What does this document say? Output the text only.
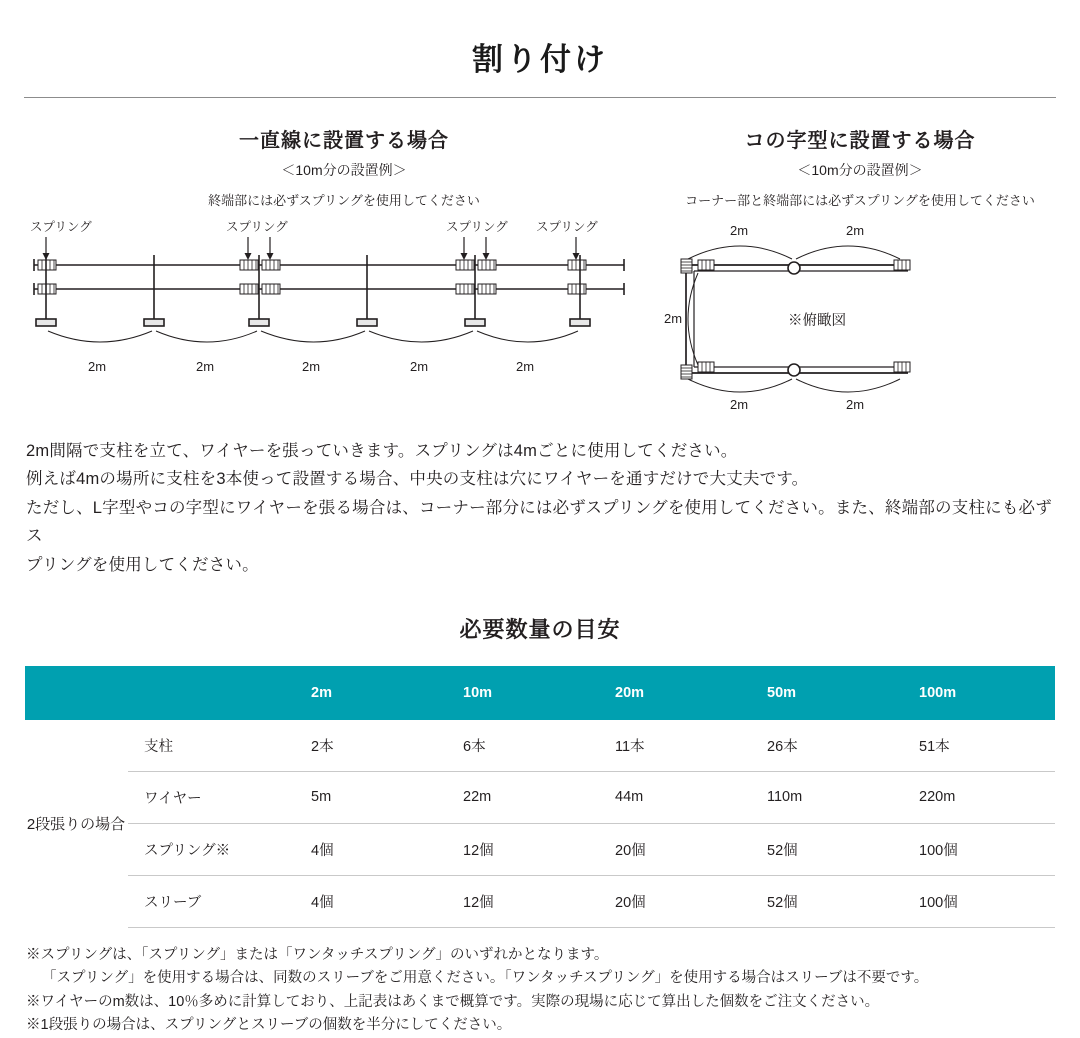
割り付け
一直線に設置する場合
＜10m分の設置例＞
終端部には必ずスプリングを使用してください
スプリング	スプリング	スプリング スプリング
2m	2m	2m	2m	2m
コの字型に設置する場合
＜10m分の設置例＞
コーナー部と終端部には必ずスプリングを使用してください
2m	2m
2m	※俯瞰図
2m	2m
2m間隔で支柱を立て、ワイヤーを張っていきます。スプリングは4mごとに使用してください。
例えば4mの場所に支柱を3本使って設置する場合、中央の支柱は穴にワイヤーを通すだけで大丈夫です。
ただし、L字型やコの字型にワイヤーを張る場合は、コーナー部分には必ずスプリングを使用してください。また、終端部の支柱にも必ずス
プリングを使用してください。
必要数量の目安
		2m	10m	20m	50m	100m
2段張りの場合	支柱	2本	6本	11本	26本	51本
	ワイヤー	5m	22m	44m	110m	220m
	スプリング※	4個	12個	20個	52個	100個
	スリーブ	4個	12個	20個	52個	100個
※スプリングは、「スプリング」または「ワンタッチスプリング」のいずれかとなります。
「スプリング」を使用する場合は、同数のスリーブをご用意ください。「ワンタッチスプリング」を使用する場合はスリーブは不要です。
※ワイヤーのm数は、10％多めに計算しており、上記表はあくまで概算です。実際の現場に応じて算出した個数をご注文ください。
※1段張りの場合は、スプリングとスリーブの個数を半分にしてください。
